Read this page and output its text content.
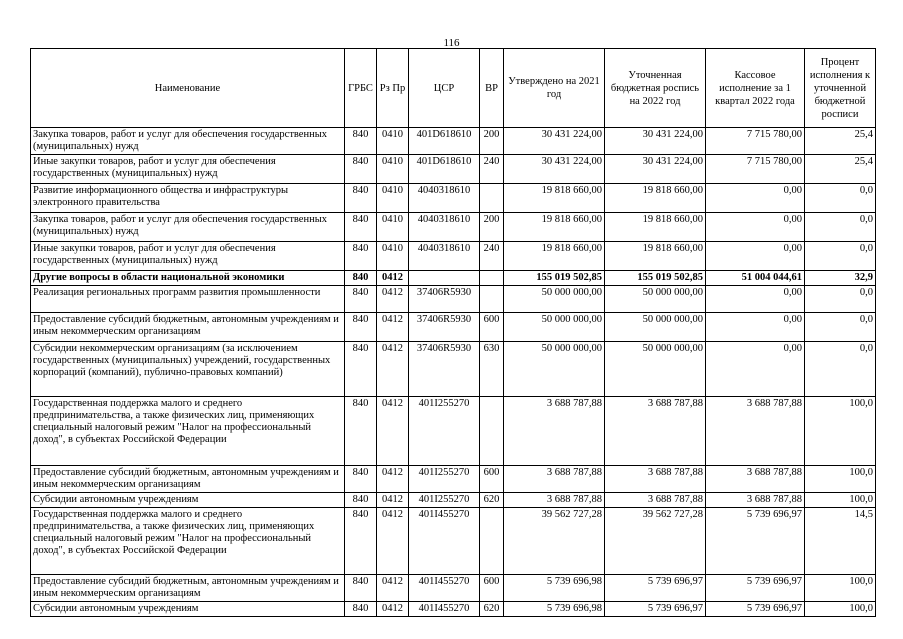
116
Наименование	ГРБС	Рз Пр	ЦСР	ВР	Утверждено на 2021 год	Уточненная бюджетная роспись на 2022 год	Кассовое исполнение за 1 квартал 2022 года	Процент исполнения к уточненной бюджетной росписи
Закупка товаров, работ и услуг для обеспечения государственных (муниципальных) нужд	840	0410	401D618610	200	30 431 224,00	30 431 224,00	7 715 780,00	25,4
Иные закупки товаров, работ и услуг для обеспечения государственных (муниципальных) нужд	840	0410	401D618610	240	30 431 224,00	30 431 224,00	7 715 780,00	25,4
Развитие информационного общества и инфраструктуры электронного правительства	840	0410	4040318610		19 818 660,00	19 818 660,00	0,00	0,0
Закупка товаров, работ и услуг для обеспечения государственных (муниципальных) нужд	840	0410	4040318610	200	19 818 660,00	19 818 660,00	0,00	0,0
Иные закупки товаров, работ и услуг для обеспечения государственных (муниципальных) нужд	840	0410	4040318610	240	19 818 660,00	19 818 660,00	0,00	0,0
Другие вопросы в области национальной экономики	840	0412			155 019 502,85	155 019 502,85	51 004 044,61	32,9
Реализация региональных программ развития промышленности	840	0412	37406R5930		50 000 000,00	50 000 000,00	0,00	0,0
Предоставление субсидий бюджетным, автономным учреждениям и иным некоммерческим организациям	840	0412	37406R5930	600	50 000 000,00	50 000 000,00	0,00	0,0
Субсидии некоммерческим организациям (за исключением государственных (муниципальных) учреждений, государственных корпораций (компаний), публично-правовых компаний)	840	0412	37406R5930	630	50 000 000,00	50 000 000,00	0,00	0,0
Государственная поддержка малого и среднего предпринимательства, а также физических лиц, применяющих специальный налоговый режим "Налог на профессиональный доход", в субъектах Российской Федерации	840	0412	401I255270		3 688 787,88	3 688 787,88	3 688 787,88	100,0
Предоставление субсидий бюджетным, автономным учреждениям и иным некоммерческим организациям	840	0412	401I255270	600	3 688 787,88	3 688 787,88	3 688 787,88	100,0
Субсидии автономным учреждениям	840	0412	401I255270	620	3 688 787,88	3 688 787,88	3 688 787,88	100,0
Государственная поддержка малого и среднего предпринимательства, а также физических лиц, применяющих специальный налоговый режим "Налог на профессиональный доход", в субъектах Российской Федерации	840	0412	401I455270		39 562 727,28	39 562 727,28	5 739 696,97	14,5
Предоставление субсидий бюджетным, автономным учреждениям и иным некоммерческим организациям	840	0412	401I455270	600	5 739 696,98	5 739 696,97	5 739 696,97	100,0
Субсидии автономным учреждениям	840	0412	401I455270	620	5 739 696,98	5 739 696,97	5 739 696,97	100,0
